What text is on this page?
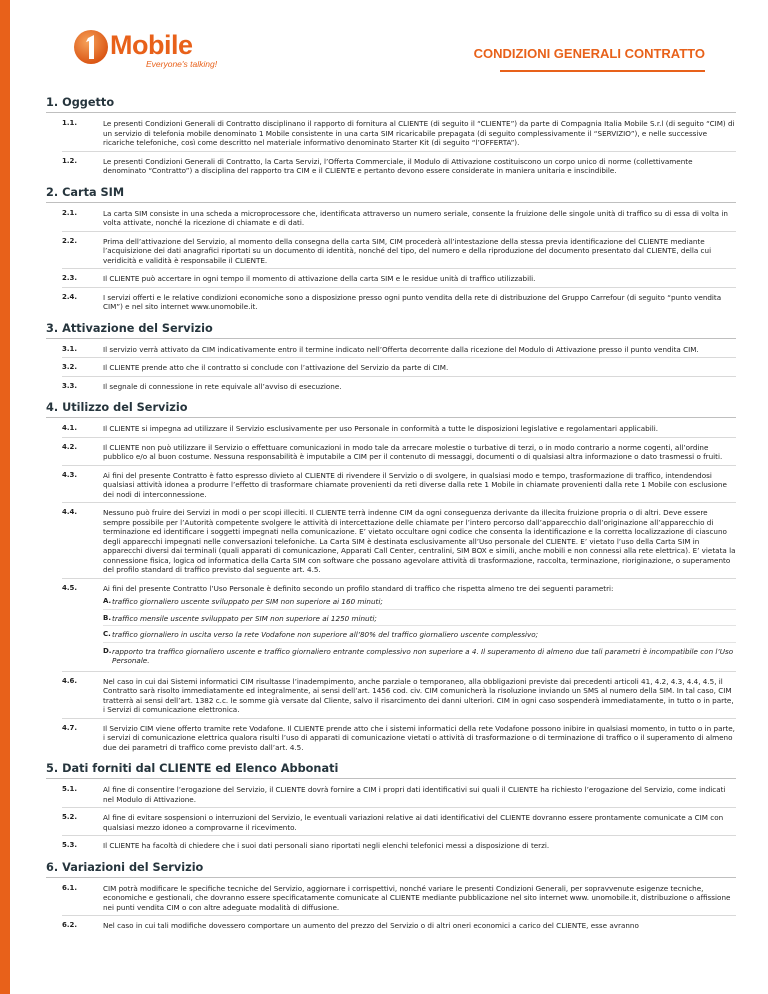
Mobile
Everyone's talking!
CONDIZIONI GENERALI CONTRATTO
1. Oggetto
1.1.	Le presenti Condizioni Generali di Contratto disciplinano il rapporto di fornitura al CLIENTE (di seguito il “CLIENTE”) da parte di Compagnia Italia Mobile S.r.l (di seguito “CIM) di un servizio di telefonia mobile denominato 1 Mobile consistente in una carta SIM ricaricabile prepagata (di seguito complessivamente il “SERVIZIO”), e nelle successive ricariche telefoniche, così come descritto nel materiale informativo denominato Starter Kit (di seguito “l’OFFERTA”).
1.2.	Le presenti Condizioni Generali di Contratto, la Carta Servizi, l’Offerta Commerciale, il Modulo di Attivazione costituiscono un corpo unico di norme (collettivamente denominato “Contratto”) a disciplina del rapporto tra CIM e il CLIENTE e pertanto devono essere considerate in maniera unitaria e inscindibile.
2. Carta SIM
2.1.	La carta SIM consiste in una scheda a microprocessore che, identificata attraverso un numero seriale, consente la fruizione delle singole unità di traffico su di essa di volta in volta attivate, nonché la ricezione di chiamate e di dati.
2.2.	Prima dell’attivazione del Servizio, al momento della consegna della carta SIM, CIM procederà all’intestazione della stessa previa identificazione del CLIENTE mediante l’acquisizione dei dati anagrafici riportati su un documento di identità, nonché del tipo, del numero e della riproduzione del documento presentato dal CLIENTE, della cui veridicità e validità è responsabile il CLIENTE.
2.3.	Il CLIENTE può accertare in ogni tempo il momento di attivazione della carta SIM e le residue unità di traffico utilizzabili.
2.4.	I servizi offerti e le relative condizioni economiche sono a disposizione presso ogni punto vendita della rete di distribuzione del Gruppo Carrefour (di seguito “punto vendita CIM”) e nel sito internet www.unomobile.it.
3. Attivazione del Servizio
3.1.	Il servizio verrà attivato da CIM indicativamente entro il termine indicato nell’Offerta decorrente dalla ricezione del Modulo di Attivazione presso il punto vendita CIM.
3.2.	Il CLIENTE prende atto che il contratto si conclude con l’attivazione del Servizio da parte di CIM.
3.3.	Il segnale di connessione in rete equivale all’avviso di esecuzione.
4. Utilizzo del Servizio
4.1.	Il CLIENTE si impegna ad utilizzare il Servizio esclusivamente per uso Personale in conformità a tutte le disposizioni legislative e regolamentari applicabili.
4.2.	Il CLIENTE non può utilizzare il Servizio o effettuare comunicazioni in modo tale da arrecare molestie o turbative di terzi, o in modo contrario a norme cogenti, all’ordine pubblico e/o al buon costume. Nessuna responsabilità è imputabile a CIM per il contenuto di messaggi, documenti o di qualsiasi altra informazione o dato trasmessi o fruiti.
4.3.	Ai fini del presente Contratto è fatto espresso divieto al CLIENTE di rivendere il Servizio o di svolgere, in qualsiasi modo e tempo, trasformazione di traffico, intendendosi qualsiasi attività idonea a produrre l’effetto di trasformare chiamate provenienti da reti diverse dalla rete 1 Mobile in chiamate provenienti dalla rete 1 Mobile con esclusione dei nodi di interconnessione.
4.4.	Nessuno può fruire dei Servizi in modi o per scopi illeciti. Il CLIENTE terrà indenne CIM da ogni conseguenza derivante da illecita fruizione propria o di altri. Deve essere sempre possibile per l’Autorità competente svolgere le attività di intercettazione delle chiamate per l’intero percorso dall’apparecchio dall’originazione all’apparecchio di terminazione ed identificare i soggetti impegnati nella comunicazione. E’ vietato occultare ogni codice che consenta la identificazione e la corretta localizzazione di ciascuno degli apparecchi impegnati nelle conversazioni telefoniche. La Carta SIM è destinata esclusivamente all’Uso personale del CLIENTE. E’ vietato l’uso della Carta SIM in apparecchi diversi dai terminali (quali apparati di comunicazione, Apparati Call Center, centralini, SIM BOX e simili, anche mobili e non connessi alla rete elettrica). E’ vietata la connessione fisica, logica od informatica della Carta SIM con software che possano agevolare attività di trasformazione, raccolta, terminazione, rioriginazione, o superamento del profilo standard di traffico previsto dal seguente art. 4.5.
4.5.	Ai fini del presente Contratto l’Uso Personale è definito secondo un profilo standard di traffico che rispetta almeno tre dei seguenti parametri:
A. traffico giornaliero uscente sviluppato per SIM non superiore ai 160 minuti;
B. traffico mensile uscente sviluppato per SIM non superiore ai 1250 minuti;
C. traffico giornaliero in uscita verso la rete Vodafone non superiore all’80% del traffico giornaliero uscente complessivo;
D. rapporto tra traffico giornaliero uscente e traffico giornaliero entrante complessivo non superiore a 4. Il superamento di almeno due tali parametri è incompatibile con l’Uso Personale.
4.6.	Nel caso in cui dai Sistemi informatici CIM risultasse l’inadempimento, anche parziale o temporaneo, alla obbligazioni previste dai precedenti articoli 41, 4.2, 4.3, 4.4, 4.5, il Contratto sarà risolto immediatamente ed integralmente, ai sensi dell’art. 1456 cod. civ. CIM comunicherà la risoluzione inviando un SMS al numero della SIM. In tal caso, CIM tratterrà ai sensi dell’art. 1382 c.c. le somme già versate dal Cliente, salvo il risarcimento dei danni ulteriori. CIM in ogni caso sospenderà immediatamente, in tutto o in parte, i Servizi di comunicazione elettronica.
4.7.	Il Servizio CIM viene offerto tramite rete Vodafone. Il CLIENTE prende atto che i sistemi informatici della rete Vodafone possono inibire in qualsiasi momento, in tutto o in parte, i servizi di comunicazione elettrica qualora risulti l’uso di apparati di comunicazione vietati o attività di trasformazione o di terminazione di traffico o il superamento di almeno due dei parametri di traffico come previsto dall’art. 4.5.
5. Dati forniti dal CLIENTE ed Elenco Abbonati
5.1.	Al fine di consentire l’erogazione del Servizio, il CLIENTE dovrà fornire a CIM i propri dati identificativi sui quali il CLIENTE ha richiesto l’erogazione del Servizio, come indicati nel Modulo di Attivazione.
5.2.	Al fine di evitare sospensioni o interruzioni del Servizio, le eventuali variazioni relative ai dati identificativi del CLIENTE dovranno essere prontamente comunicate a CIM con qualsiasi mezzo idoneo a comprovarne il ricevimento.
5.3.	Il CLIENTE ha facoltà di chiedere che i suoi dati personali siano riportati negli elenchi telefonici messi a disposizione di terzi.
6. Variazioni del Servizio
6.1.	CIM potrà modificare le specifiche tecniche del Servizio, aggiornare i corrispettivi, nonché variare le presenti Condizioni Generali, per sopravvenute esigenze tecniche, economiche e gestionali, che dovranno essere specificatamente comunicate al CLIENTE mediante pubblicazione nel sito internet www. unomobile.it, distribuzione o affissione nei punti vendita CIM o con altre adeguate modalità di diffusione.
6.2.	Nel caso in cui tali modifiche dovessero comportare un aumento del prezzo del Servizio o di altri oneri economici a carico del CLIENTE, esse avranno
